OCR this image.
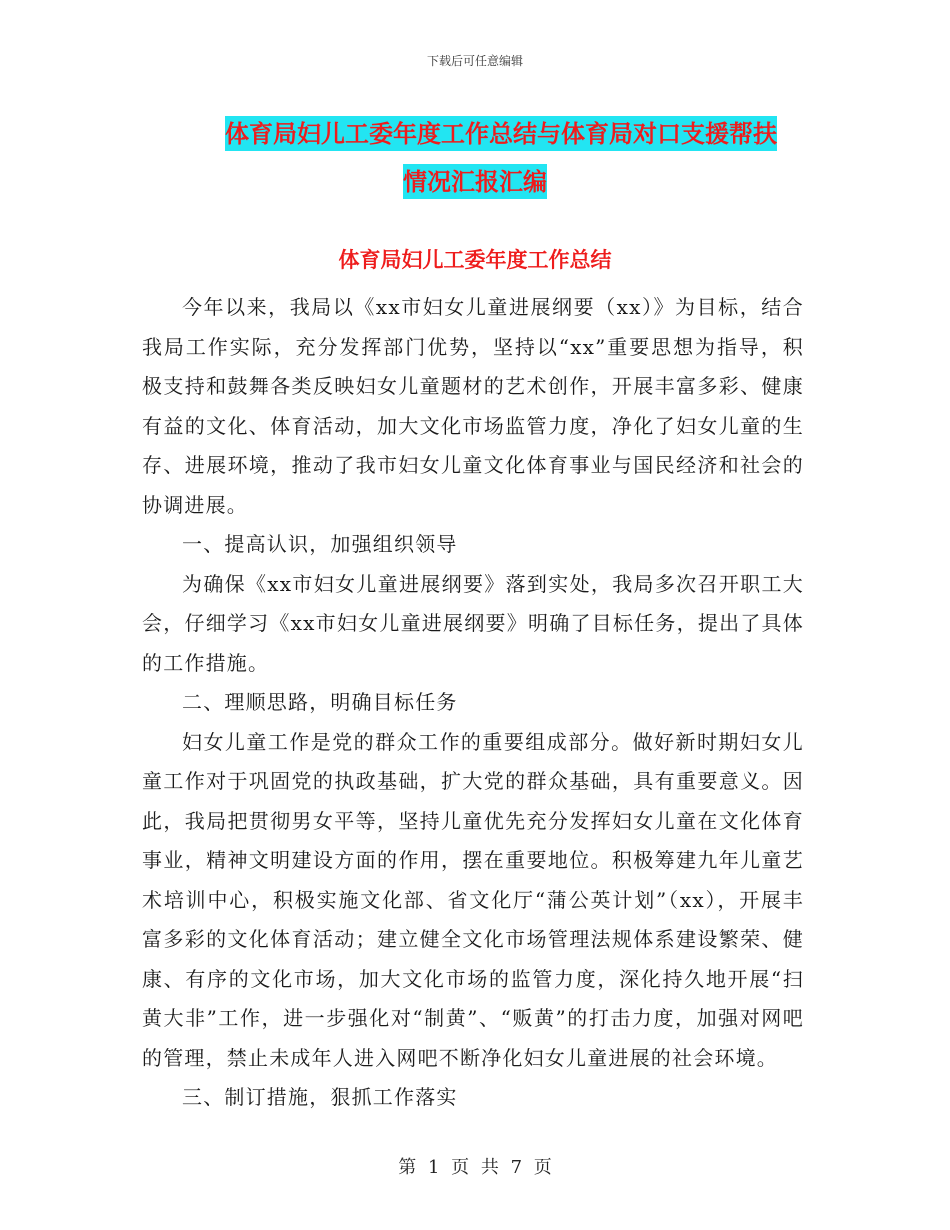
下载后可任意编辑
体育局妇儿工委年度工作总结与体育局对口支援帮扶
情况汇报汇编
体育局妇儿工委年度工作总结

今年以来，我局以《xx市妇女儿童进展纲要（xx）》为目标，结合我局工作实际，充分发挥部门优势，坚持以“xx”重要思想为指导，积极支持和鼓舞各类反映妇女儿童题材的艺术创作，开展丰富多彩、健康有益的文化、体育活动，加大文化市场监管力度，净化了妇女儿童的生存、进展环境，推动了我市妇女儿童文化体育事业与国民经济和社会的协调进展。

一、提高认识，加强组织领导

为确保《xx市妇女儿童进展纲要》落到实处，我局多次召开职工大会，仔细学习《xx市妇女儿童进展纲要》明确了目标任务，提出了具体的工作措施。

二、理顺思路，明确目标任务

妇女儿童工作是党的群众工作的重要组成部分。做好新时期妇女儿童工作对于巩固党的执政基础，扩大党的群众基础，具有重要意义。因此，我局把贯彻男女平等，坚持儿童优先充分发挥妇女儿童在文化体育事业，精神文明建设方面的作用，摆在重要地位。积极筹建九年儿童艺术培训中心，积极实施文化部、省文化厅“蒲公英计划”（xx），开展丰富多彩的文化体育活动；建立健全文化市场管理法规体系建设繁荣、健康、有序的文化市场，加大文化市场的监管力度，深化持久地开展“扫黄大非”工作，进一步强化对“制黄”、“贩黄”的打击力度，加强对网吧的管理，禁止未成年人进入网吧不断净化妇女儿童进展的社会环境。

三、制订措施，狠抓工作落实

第 1 页 共 7 页
